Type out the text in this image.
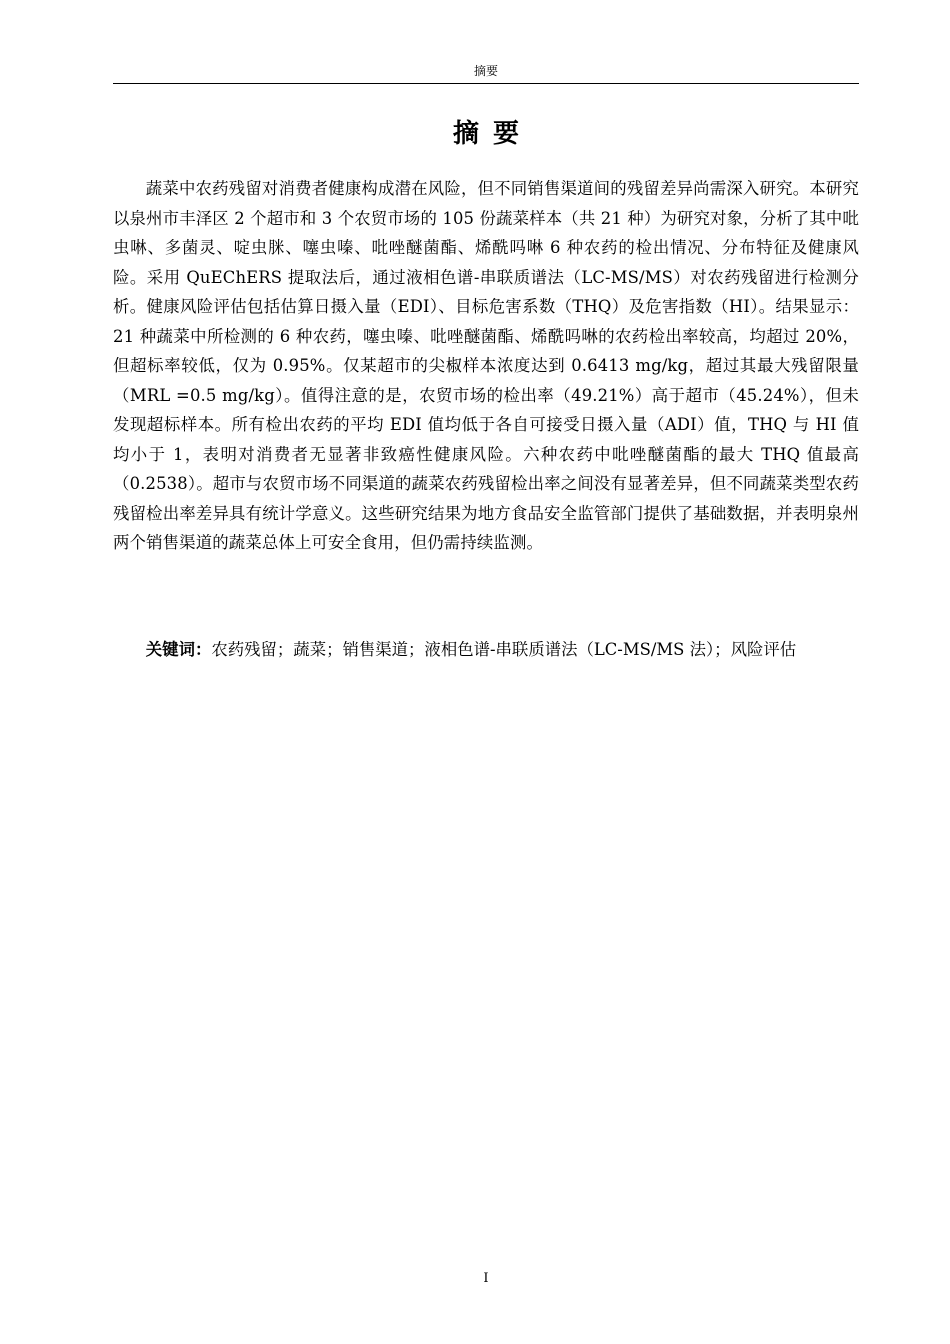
摘要
摘要

蔬菜中农药残留对消费者健康构成潜在风险，但不同销售渠道间的残留差异尚需深入研究。本研究以泉州市丰泽区 2 个超市和 3 个农贸市场的 105 份蔬菜样本（共 21 种）为研究对象，分析了其中吡虫啉、多菌灵、啶虫脒、噻虫嗪、吡唑醚菌酯、烯酰吗啉 6 种农药的检出情况、分布特征及健康风险。采用 QuEChERS 提取法后，通过液相色谱-串联质谱法（LC-MS/MS）对农药残留进行检测分析。健康风险评估包括估算日摄入量（EDI）、目标危害系数（THQ）及危害指数（HI）。结果显示：21 种蔬菜中所检测的 6 种农药，噻虫嗪、吡唑醚菌酯、烯酰吗啉的农药检出率较高，均超过 20%，但超标率较低，仅为 0.95%。仅某超市的尖椒样本浓度达到 0.6413 mg/kg，超过其最大残留限量（MRL =0.5 mg/kg）。值得注意的是，农贸市场的检出率（49.21%）高于超市（45.24%），但未发现超标样本。所有检出农药的平均 EDI 值均低于各自可接受日摄入量（ADI）值，THQ 与 HI 值均小于 1，表明对消费者无显著非致癌性健康风险。六种农药中吡唑醚菌酯的最大 THQ 值最高（0.2538）。超市与农贸市场不同渠道的蔬菜农药残留检出率之间没有显著差异，但不同蔬菜类型农药残留检出率差异具有统计学意义。这些研究结果为地方食品安全监管部门提供了基础数据，并表明泉州两个销售渠道的蔬菜总体上可安全食用，但仍需持续监测。

关键词：农药残留；蔬菜；销售渠道；液相色谱-串联质谱法（LC-MS/MS 法）；风险评估

I
